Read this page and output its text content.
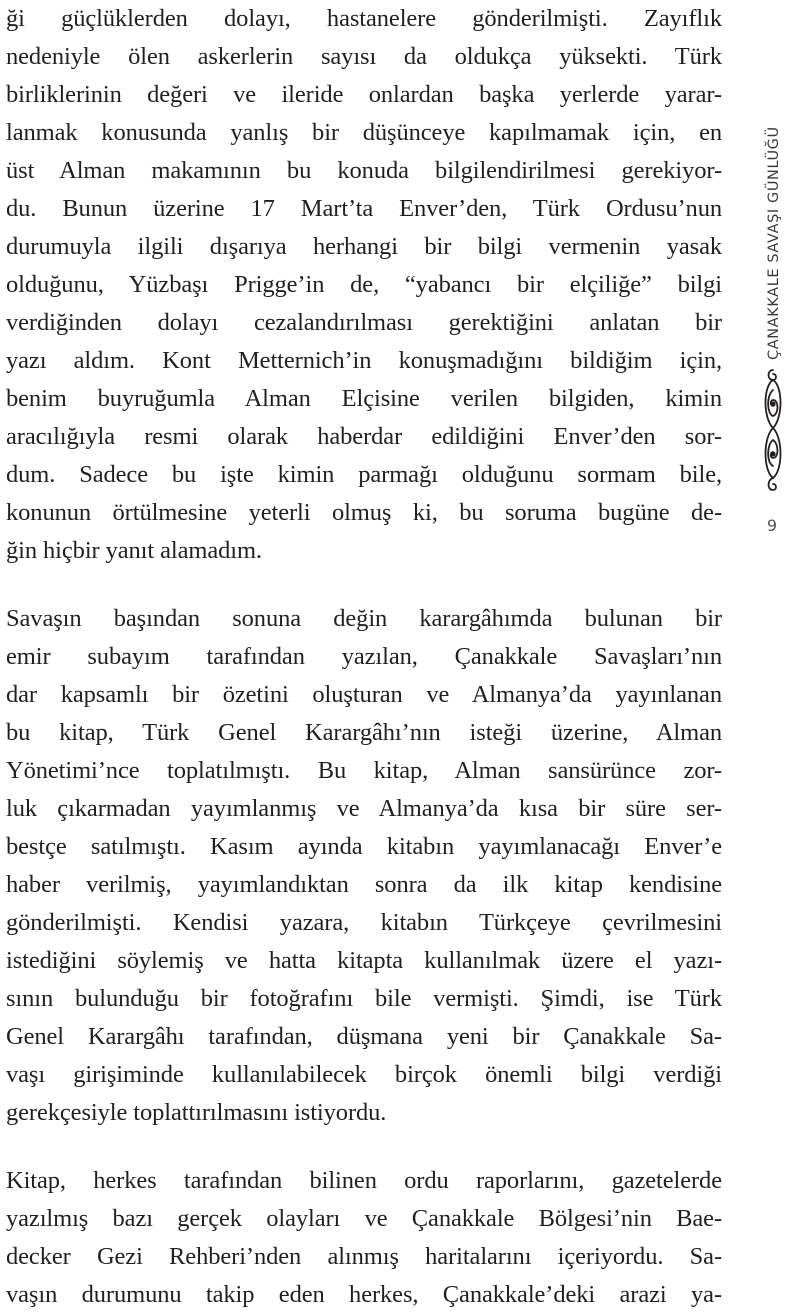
ği güçlüklerden dolayı, hastanelere gönderilmişti. Zayıflık
nedeniyle ölen askerlerin sayısı da oldukça yüksekti. Türk
birliklerinin değeri ve ileride onlardan başka yerlerde yarar-
lanmak konusunda yanlış bir düşünceye kapılmamak için, en
üst Alman makamının bu konuda bilgilendirilmesi gerekiyor-
du. Bunun üzerine 17 Mart’ta Enver’den, Türk Ordusu’nun
durumuyla ilgili dışarıya herhangi bir bilgi vermenin yasak
olduğunu, Yüzbaşı Prigge’in de, “yabancı bir elçiliğe” bilgi
verdiğinden dolayı cezalandırılması gerektiğini anlatan bir
yazı aldım. Kont Metternich’in konuşmadığını bildiğim için,
benim buyruğumla Alman Elçisine verilen bilgiden, kimin
aracılığıyla resmi olarak haberdar edildiğini Enver’den sor-
dum. Sadece bu işte kimin parmağı olduğunu sormam bile,
konunun örtülmesine yeterli olmuş ki, bu soruma bugüne de-
ğin hiçbir yanıt alamadım.
Savaşın başından sonuna değin karargâhımda bulunan bir
emir subayım tarafından yazılan, Çanakkale Savaşları’nın
dar kapsamlı bir özetini oluşturan ve Almanya’da yayınlanan
bu kitap, Türk Genel Karargâhı’nın isteği üzerine, Alman
Yönetimi’nce toplatılmıştı. Bu kitap, Alman sansürünce zor-
luk çıkarmadan yayımlanmış ve Almanya’da kısa bir süre ser-
bestçe satılmıştı. Kasım ayında kitabın yayımlanacağı Enver’e
haber verilmiş, yayımlandıktan sonra da ilk kitap kendisine
gönderilmişti. Kendisi yazara, kitabın Türkçeye çevrilmesini
istediğini söylemiş ve hatta kitapta kullanılmak üzere el yazı-
sının bulunduğu bir fotoğrafını bile vermişti. Şimdi, ise Türk
Genel Karargâhı tarafından, düşmana yeni bir Çanakkale Sa-
vaşı girişiminde kullanılabilecek birçok önemli bilgi verdiği
gerekçesiyle toplattırılmasını istiyordu.
Kitap, herkes tarafından bilinen ordu raporlarını, gazetelerde
yazılmış bazı gerçek olayları ve Çanakkale Bölgesi’nin Bae-
decker Gezi Rehberi’nden alınmış haritalarını içeriyordu. Sa-
vaşın durumunu takip eden herkes, Çanakkale’deki arazi ya-
ÇANAKKALE SAVAŞI GÜNLÜĞÜ
9
